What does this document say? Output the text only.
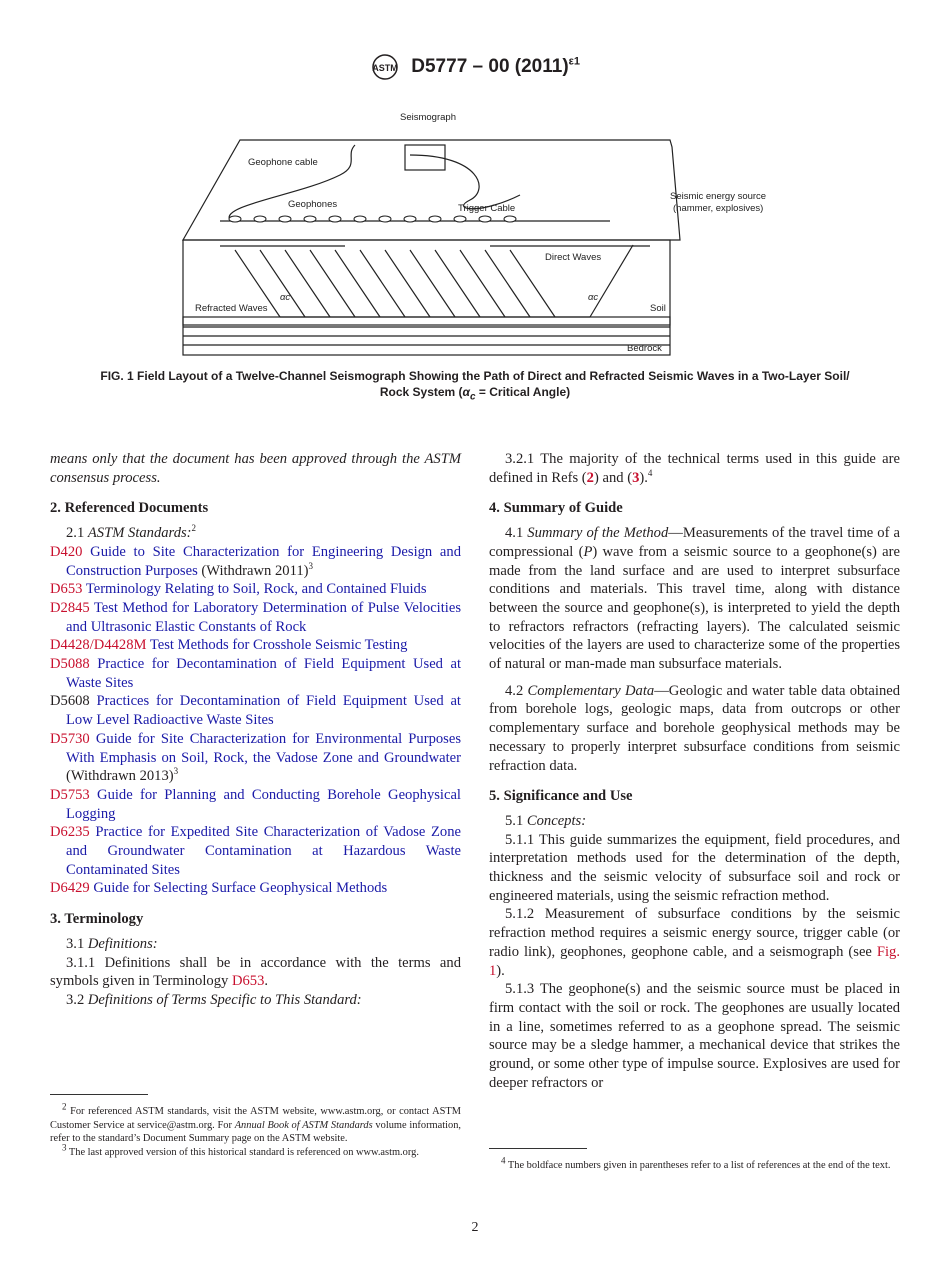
ASTM D5777 – 00 $(2011)^{\varepsilon 1}$
Seismograph
Geophone cable
Geophones	Trigger Cable
Seismic energy source
(hammer, explosives)
Direct Waves
Refracted Waves
αc	αc
Soil
Bedrock
FIG. 1 Field Layout of a Twelve-Channel Seismograph Showing the Path of Direct and Refracted Seismic Waves in a Two-Layer Soil/
Rock System ($\alpha_c$ = Critical Angle)

means only that the document has been approved through the ASTM consensus process.

2. Referenced Documents

2.1 ASTM Standards:$^2$

D420 Guide to Site Characterization for Engineering Design and Construction Purposes (Withdrawn 2011)$^3$

D653 Terminology Relating to Soil, Rock, and Contained Fluids

D2845 Test Method for Laboratory Determination of Pulse Velocities and Ultrasonic Elastic Constants of Rock

D4428/D4428M Test Methods for Crosshole Seismic Testing

D5088 Practice for Decontamination of Field Equipment Used at Waste Sites

D5608 Practices for Decontamination of Field Equipment Used at Low Level Radioactive Waste Sites

D5730 Guide for Site Characterization for Environmental Purposes With Emphasis on Soil, Rock, the Vadose Zone and Groundwater (Withdrawn 2013)$^3$

D5753 Guide for Planning and Conducting Borehole Geophysical Logging

D6235 Practice for Expedited Site Characterization of Vadose Zone and Groundwater Contamination at Hazardous Waste Contaminated Sites

D6429 Guide for Selecting Surface Geophysical Methods

3. Terminology

3.1 Definitions:

3.1.1 Definitions shall be in accordance with the terms and symbols given in Terminology D653.

3.2 Definitions of Terms Specific to This Standard:

$^2$ For referenced ASTM standards, visit the ASTM website, www.astm.org, or contact ASTM Customer Service at service@astm.org. For Annual Book of ASTM Standards volume information, refer to the standard’s Document Summary page on the ASTM website.

$^3$ The last approved version of this historical standard is referenced on www.astm.org.

3.2.1 The majority of the technical terms used in this guide are defined in Refs (2) and (3).$^4$

4. Summary of Guide

4.1 Summary of the Method—Measurements of the travel time of a compressional (P) wave from a seismic source to a geophone(s) are made from the land surface and are used to interpret subsurface conditions and materials. This travel time, along with distance between the source and geophone(s), is interpreted to yield the depth to refractors refractors (refracting layers). The calculated seismic velocities of the layers are used to characterize some of the properties of natural or man-made man subsurface materials.

4.2 Complementary Data—Geologic and water table data obtained from borehole logs, geologic maps, data from outcrops or other complementary surface and borehole geophysical methods may be necessary to properly interpret subsurface conditions from seismic refraction data.

5. Significance and Use

5.1 Concepts:

5.1.1 This guide summarizes the equipment, field procedures, and interpretation methods used for the determination of the depth, thickness and the seismic velocity of subsurface soil and rock or engineered materials, using the seismic refraction method.

5.1.2 Measurement of subsurface conditions by the seismic refraction method requires a seismic energy source, trigger cable (or radio link), geophones, geophone cable, and a seismograph (see Fig. 1).

5.1.3 The geophone(s) and the seismic source must be placed in firm contact with the soil or rock. The geophones are usually located in a line, sometimes referred to as a geophone spread. The seismic source may be a sledge hammer, a mechanical device that strikes the ground, or some other type of impulse source. Explosives are used for deeper refractors or

$^4$ The boldface numbers given in parentheses refer to a list of references at the end of the text.

2
